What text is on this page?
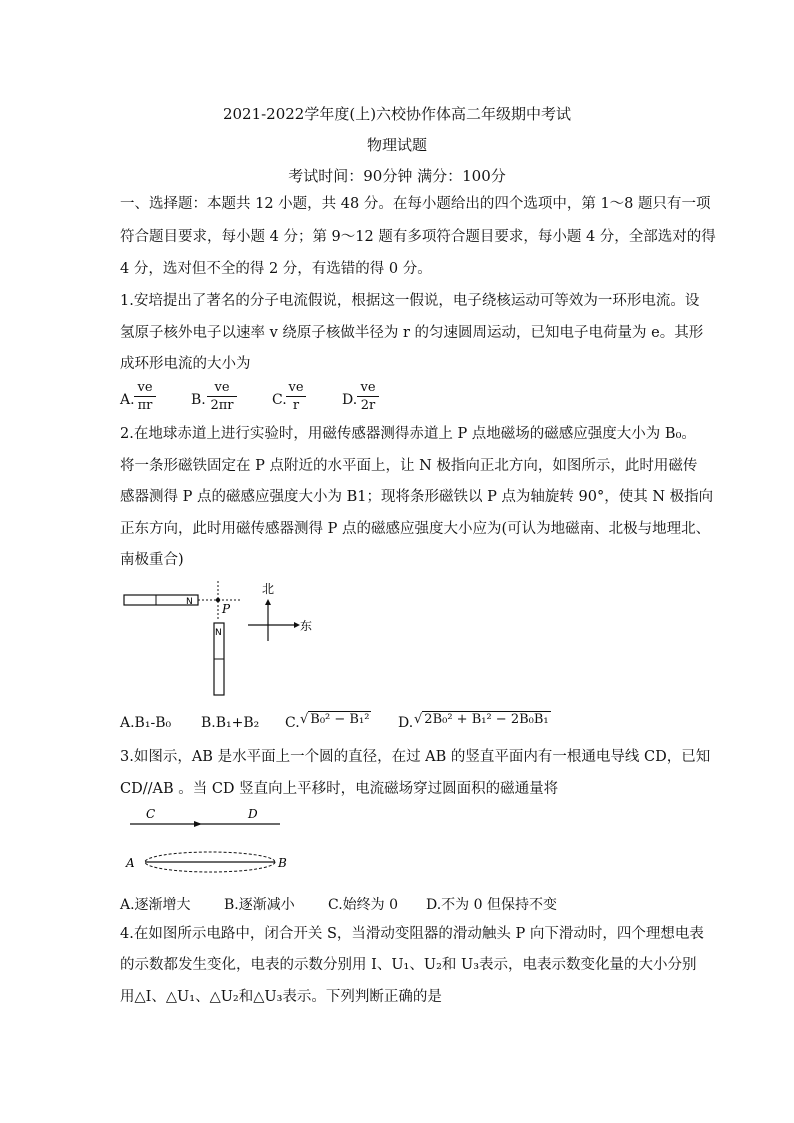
2021-2022学年度(上)六校协作体高二年级期中考试
物理试题
考试时间：90分钟 满分：100分
一、选择题：本题共 12 小题，共 48 分。在每小题给出的四个选项中，第 1～8 题只有一项
符合题目要求，每小题 4 分；第 9～12 题有多项符合题目要求，每小题 4 分，全部选对的得
4 分，选对但不全的得 2 分，有选错的得 0 分。
1.安培提出了著名的分子电流假说，根据这一假说，电子绕核运动可等效为一环形电流。设
氢原子核外电子以速率 v 绕原子核做半径为 r 的匀速圆周运动，已知电子电荷量为 e。其形
成环形电流的大小为
A.
ve
πr	B.
ve
2πr	C.
ve
r	D.
ve
2r
2.在地球赤道上进行实验时，用磁传感器测得赤道上 P 点地磁场的磁感应强度大小为 B₀。
将一条形磁铁固定在 P 点附近的水平面上，让 N 极指向正北方向，如图所示，此时用磁传
感器测得 P 点的磁感应强度大小为 B1；现将条形磁铁以 P 点为轴旋转 90°，使其 N 极指向
正东方向，此时用磁传感器测得 P 点的磁感应强度大小应为(可认为地磁南、北极与地理北、
南极重合)
N P
N
北
东
A.B₁-B₀ B.B₁+B₂ C. √ B₀² − B₁² D. √ 2B₀² + B₁² − 2B₀B₁
3.如图示，AB 是水平面上一个圆的直径，在过 AB 的竖直平面内有一根通电导线 CD，已知
CD//AB 。当 CD 竖直向上平移时，电流磁场穿过圆面积的磁通量将
C	D
A	B
A.逐渐增大 B.逐渐减小 C.始终为 0 D.不为 0 但保持不变
4.在如图所示电路中，闭合开关 S，当滑动变阻器的滑动触头 P 向下滑动时，四个理想电表
的示数都发生变化，电表的示数分别用 I、U₁、U₂和 U₃表示，电表示数变化量的大小分别
用△I、△U₁、△U₂和△U₃表示。下列判断正确的是
